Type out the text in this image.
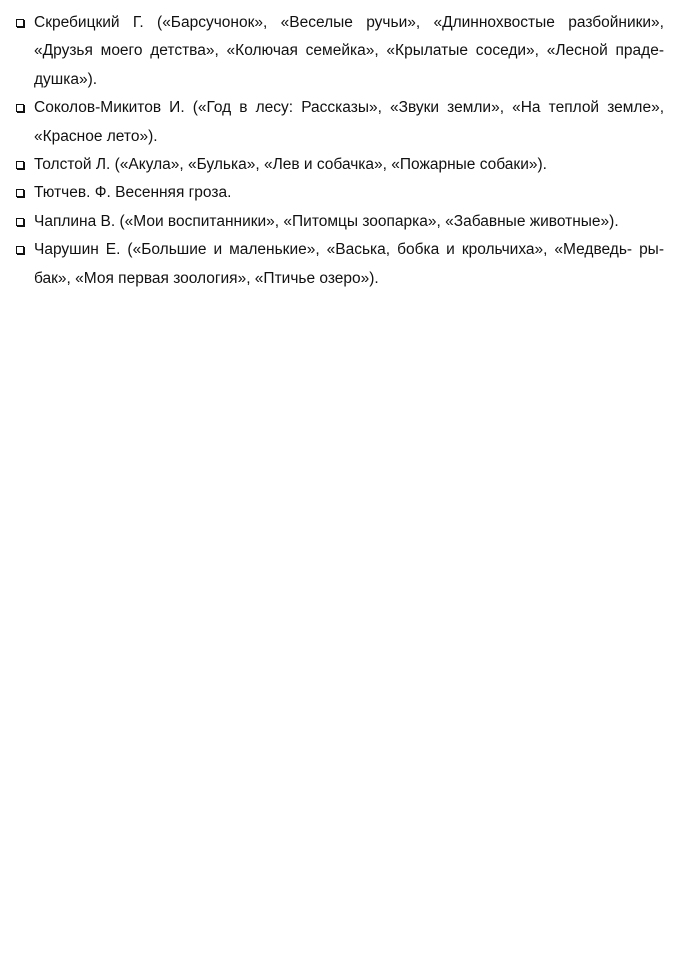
Скребицкий Г. («Барсучонок», «Веселые ручьи», «Длиннохвостые разбойники», «Друзья моего детства», «Колючая семейка», «Крылатые соседи», «Лесной праде-душка»).
Соколов-Микитов И. («Год в лесу: Рассказы», «Звуки земли», «На теплой земле», «Красное лето»).
Толстой Л. («Акула», «Булька», «Лев и собачка», «Пожарные собаки»).
Тютчев. Ф. Весенняя гроза.
Чаплина В. («Мои воспитанники», «Питомцы зоопарка», «Забавные животные»).
Чарушин Е. («Большие и маленькие», «Васька, бобка и крольчиха», «Медведь- ры-бак», «Моя первая зоология», «Птичье озеро»).
